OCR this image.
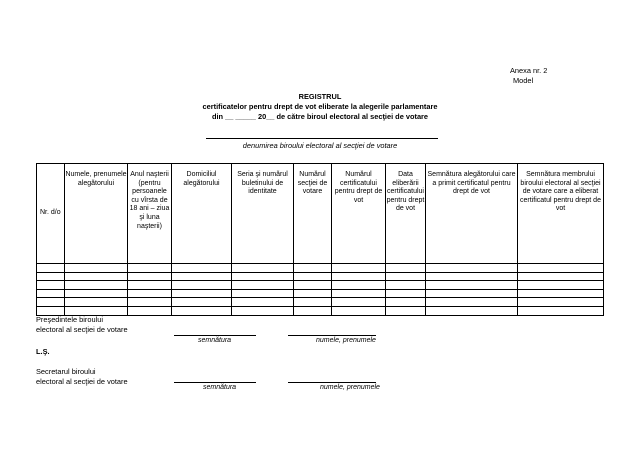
Anexa nr. 2
Model
REGISTRUL
certificatelor pentru drept de vot eliberate la alegerile parlamentare
din __ _____ 20__ de către biroul electoral al secţiei de votare
denumirea biroului electoral al secţiei de votare
Nr. d/o	Numele, prenumele alegătorului	Anul naşterii (pentru persoanele cu vîrsta de 18 ani – ziua şi luna naşterii)	Domiciliul alegătorului	Seria şi numărul buletinului de identitate	Numărul secţiei de votare	Numărul certificatului pentru drept de vot	Data eliberării certificatului pentru drept de vot	Semnătura alegătorului care a primit certificatul pentru drept de vot	Semnătura membrului biroului electoral al secţiei de votare care a eliberat certificatul pentru drept de vot

Preşedintele biroului
electoral al secţiei de votare
semnătura	numele, prenumele
L.Ş.
Secretarul biroului
electoral al secţiei de votare
semnătura	numele, prenumele
